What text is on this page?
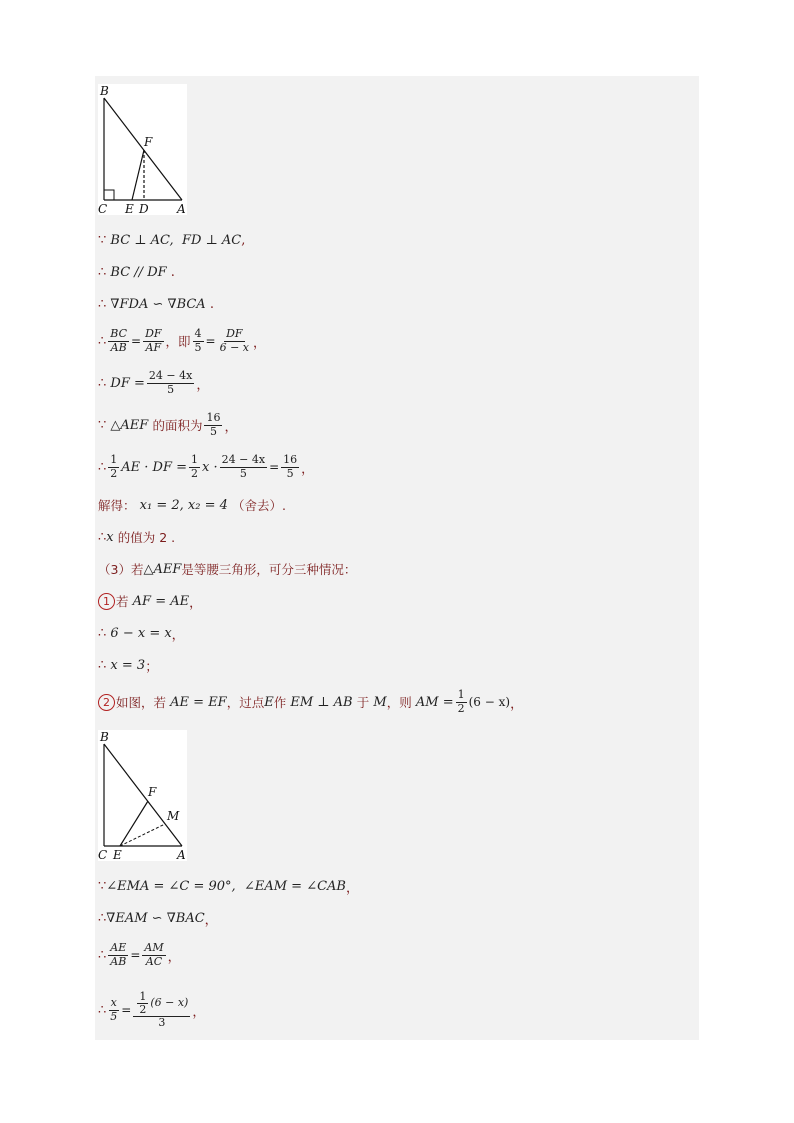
B
F
C E D A
∵
BC ⊥ AC,
FD ⊥ AC ,
∴
BC // DF
.
∴
∇FDA ∽ ∇BCA
.
∴ $\frac{BC}{AB} = \frac{DF}{AF}$ ，即 $\frac{4}{5} = \frac{DF}{6 - x}$ ，
∴
DF = $\frac{24 - 4x}{5}$ ，
∵
△AEF
的面积为 $\frac{16}{5}$ ，
∴ $\frac{1}{2}$ AE · DF = $\frac{1}{2}$ $x \cdot \frac{24 - 4x}{5} = \frac{16}{5}$ ，
解得：
x₁ = 2, x₂ = 4
（舍去）.
∴ x
的值为 2 .
（3）若 △AEF 是等腰三角形，可分三种情况：
1 若
AF = AE ，
∴
6 − x = x ，
∴
x = 3 ；
2 如图，若
AE = EF ，过点 E 作
EM ⊥ AB
于
M ，则
AM = $\frac{1}{2} (6 - x)$ ，
B
F
M
C E	A
∵ ∠EMA = ∠C = 90°,
∠EAM = ∠CAB ，
∴ ∇EAM ∽ ∇BAC ，
∴ $\frac{AE}{AB} = \frac{AM}{AC}$ ，
∴ $\frac{x}{5} = \frac{\frac{1}{2} (6 - x)}{3}$ ，
